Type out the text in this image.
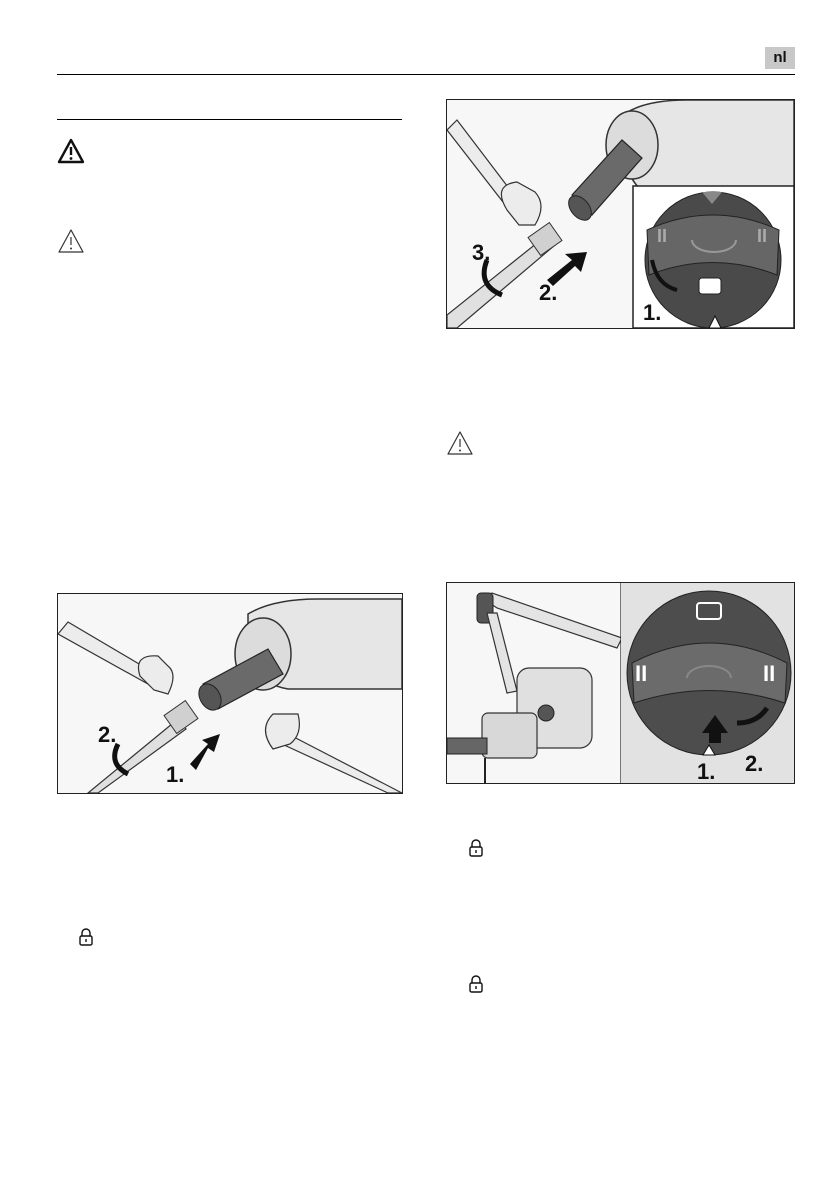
nl
2.
1.
3.
2.
II	II
1.
II	II
1. 2.
